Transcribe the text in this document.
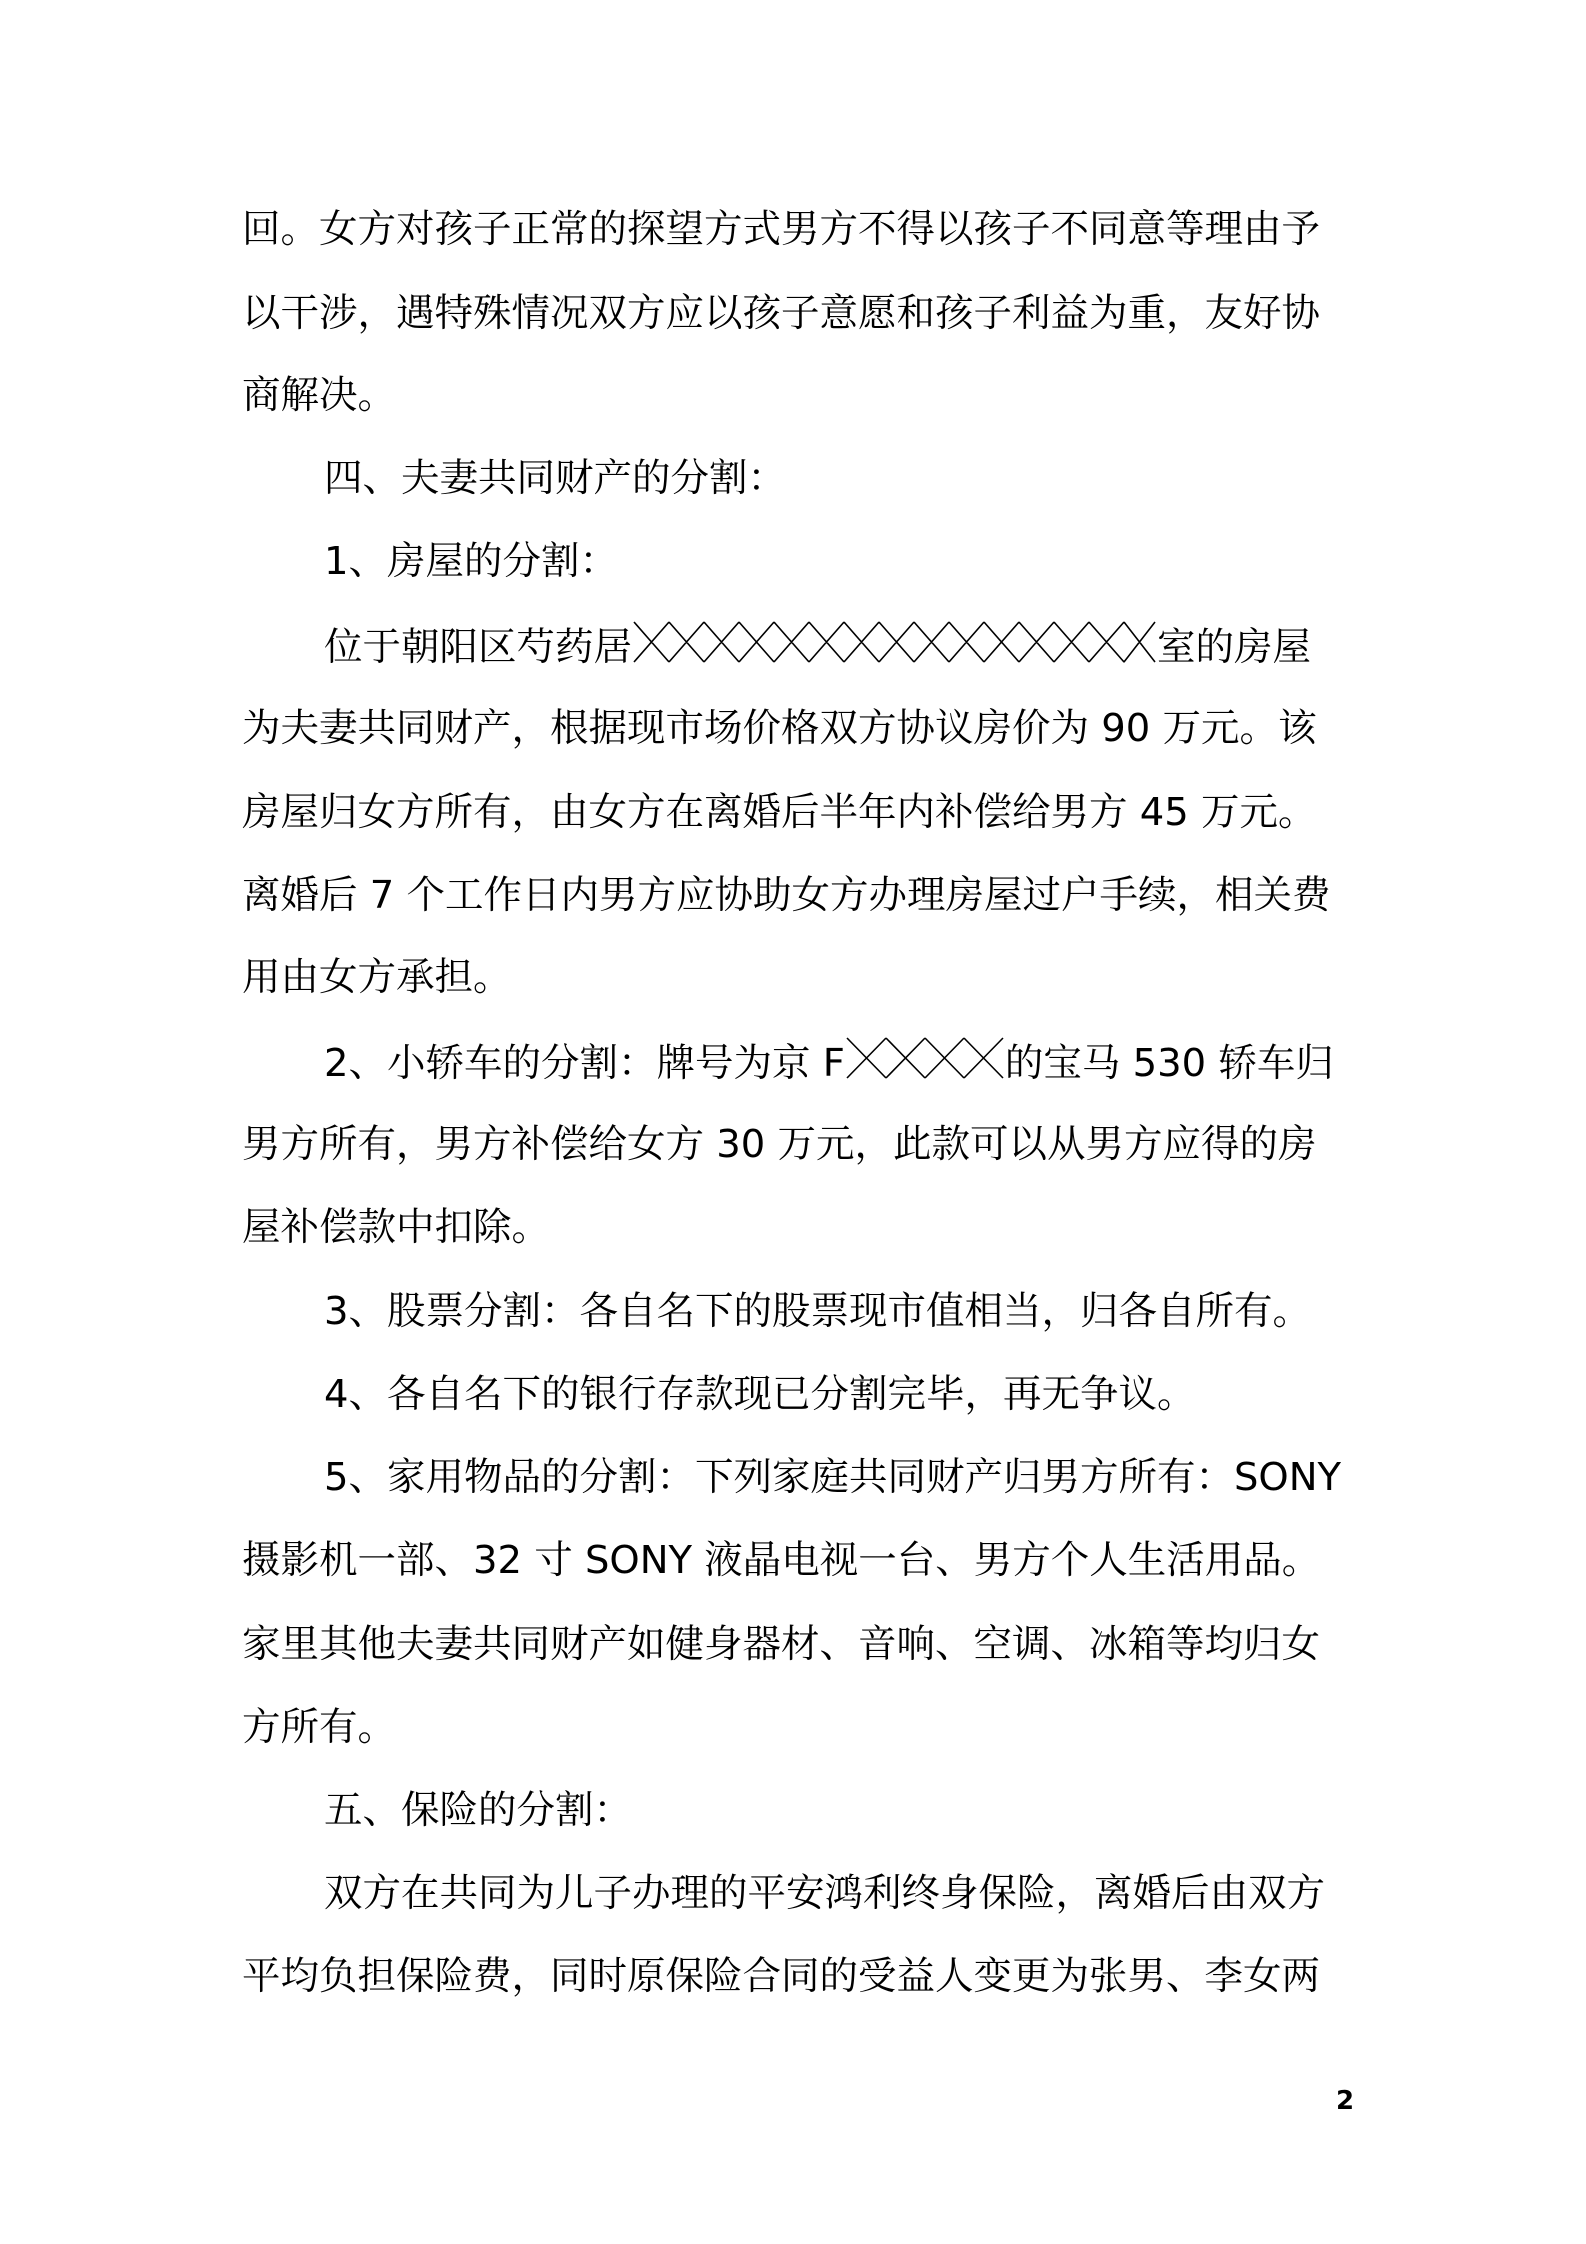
回。女方对孩子正常的探望方式男方不得以孩子不同意等理由予
以干涉，遇特殊情况双方应以孩子意愿和孩子利益为重，友好协
商解决。
四、夫妻共同财产的分割：
1、房屋的分割：
位于朝阳区芍药居	室的房屋
为夫妻共同财产，根据现市场价格双方协议房价为 90 万元。该
房屋归女方所有，由女方在离婚后半年内补偿给男方 45 万元。
离婚后 7 个工作日内男方应协助女方办理房屋过户手续，相关费
用由女方承担。
2、小轿车的分割：牌号为京 F	的宝马 530 轿车归
男方所有，男方补偿给女方 30 万元，此款可以从男方应得的房
屋补偿款中扣除。
3、股票分割：各自名下的股票现市值相当，归各自所有。
4、各自名下的银行存款现已分割完毕，再无争议。
5、家用物品的分割：下列家庭共同财产归男方所有：SONY
摄影机一部、32 寸 SONY 液晶电视一台、男方个人生活用品。
家里其他夫妻共同财产如健身器材、音响、空调、冰箱等均归女
方所有。
五、保险的分割：
双方在共同为儿子办理的平安鸿利终身保险，离婚后由双方
平均负担保险费，同时原保险合同的受益人变更为张男、李女两
2
